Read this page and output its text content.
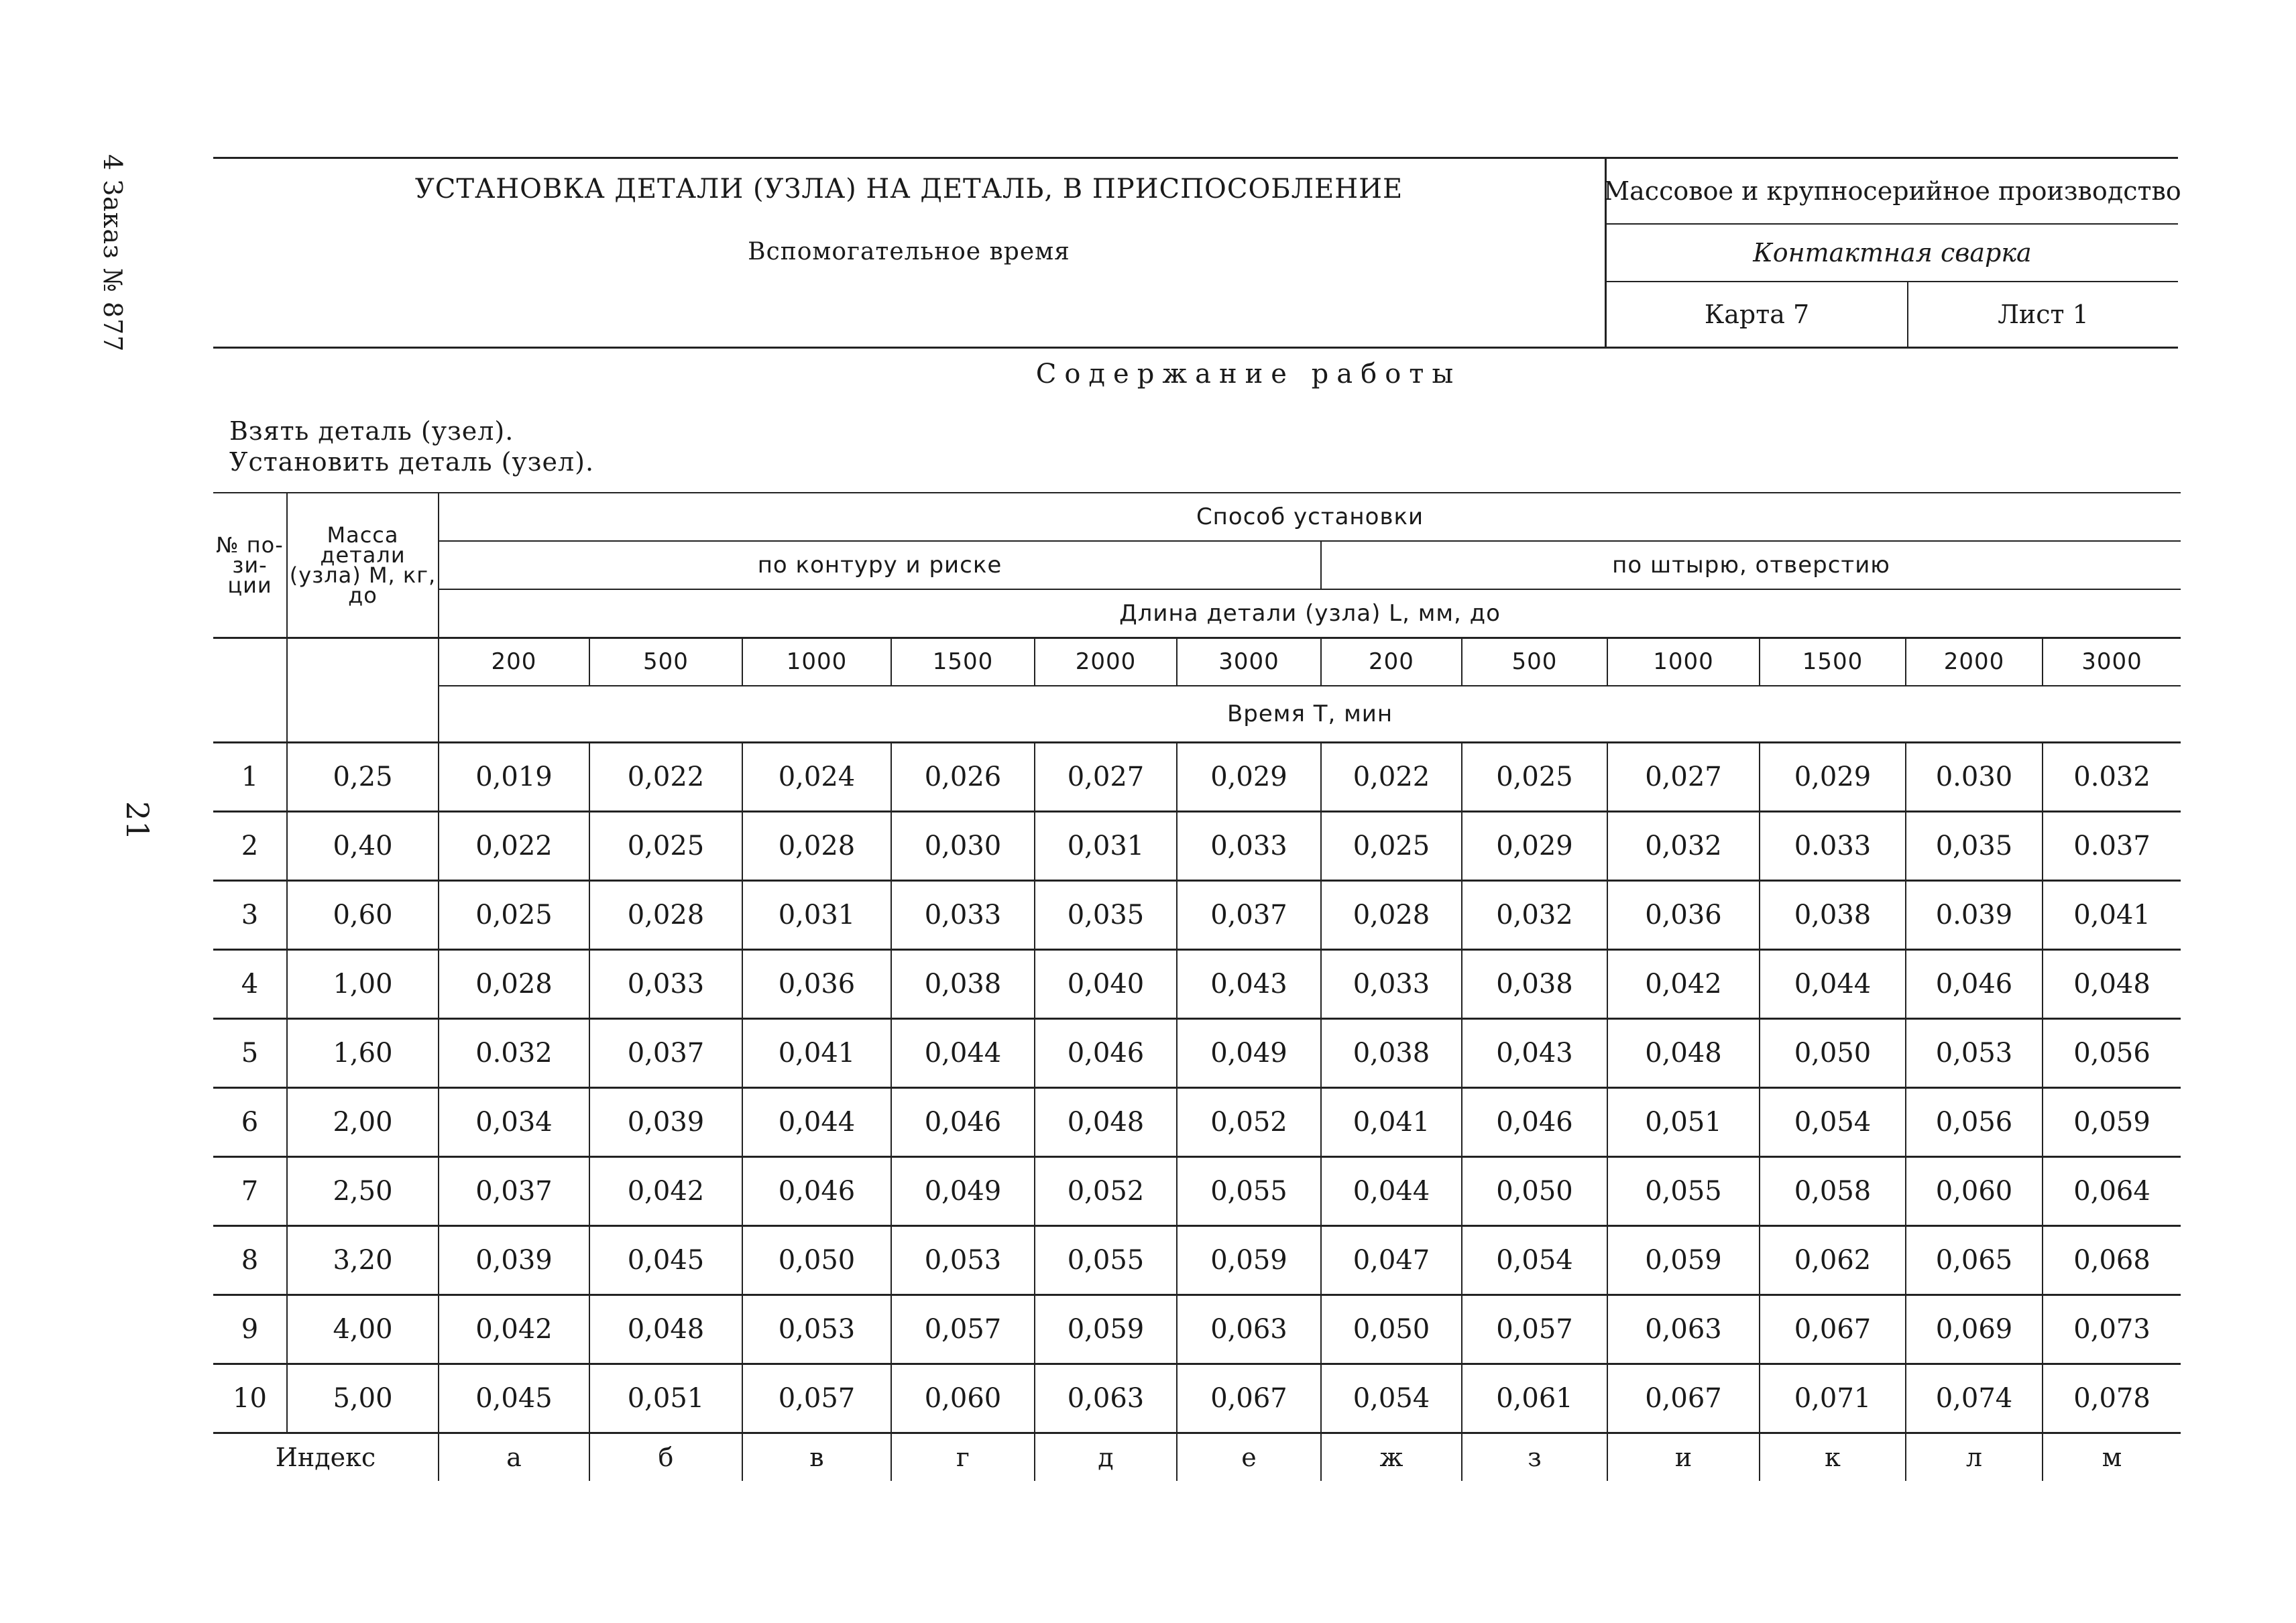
4 Заказ № 877
21
УСТАНОВКА ДЕТАЛИ (УЗЛА) НА ДЕТАЛЬ, В ПРИСПОСОБЛЕНИЕ
Вспомогательное время
Массовое и крупносерийное производство
Контактная сварка
Карта 7	Лист 1
Содержание работы
Взять деталь (узел).
Установить деталь (узел).
№ по- зи- ции	Масса детали (узла) М, кг, до	Способ установки											
		по контуру и риске						по штырю, отверстию					
		Длина детали (узла) L, мм, до											
		200	500	1000	1500	2000	3000	200	500	1000	1500	2000	3000
		Время Т, мин											
1	0,25	0,019	0,022	0,024	0,026	0,027	0,029	0,022	0,025	0,027	0,029	0.030	0.032
2	0,40	0,022	0,025	0,028	0,030	0,031	0,033	0,025	0,029	0,032	0.033	0,035	0.037
3	0,60	0,025	0,028	0,031	0,033	0,035	0,037	0,028	0,032	0,036	0,038	0.039	0,041
4	1,00	0,028	0,033	0,036	0,038	0,040	0,043	0,033	0,038	0,042	0,044	0,046	0,048
5	1,60	0.032	0,037	0,041	0,044	0,046	0,049	0,038	0,043	0,048	0,050	0,053	0,056
6	2,00	0,034	0,039	0,044	0,046	0,048	0,052	0,041	0,046	0,051	0,054	0,056	0,059
7	2,50	0,037	0,042	0,046	0,049	0,052	0,055	0,044	0,050	0,055	0,058	0,060	0,064
8	3,20	0,039	0,045	0,050	0,053	0,055	0,059	0,047	0,054	0,059	0,062	0,065	0,068
9	4,00	0,042	0,048	0,053	0,057	0,059	0,063	0,050	0,057	0,063	0,067	0,069	0,073
10	5,00	0,045	0,051	0,057	0,060	0,063	0,067	0,054	0,061	0,067	0,071	0,074	0,078
Индекс		а	б	в	г	д	е	ж	з	и	к	л	м
